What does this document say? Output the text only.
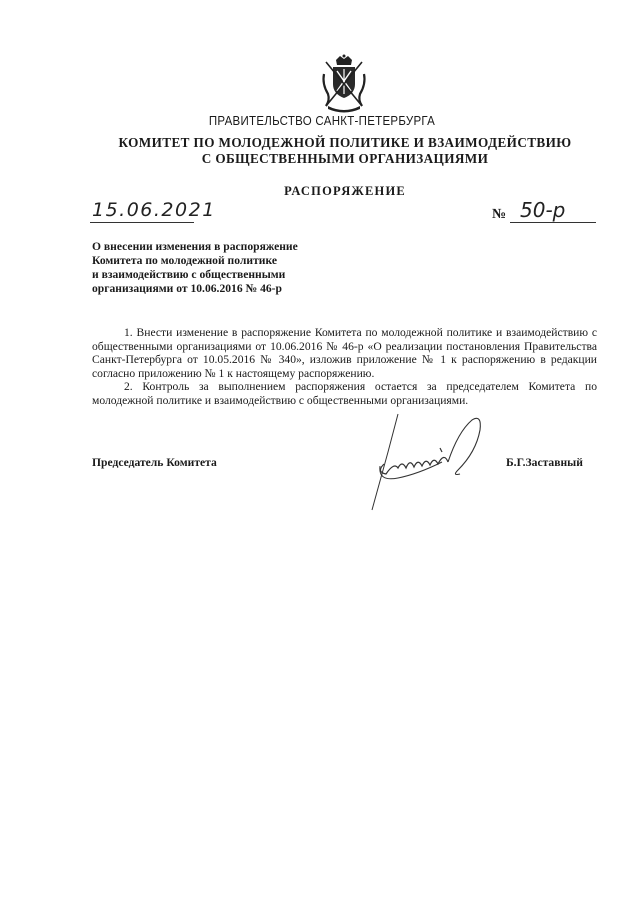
ПРАВИТЕЛЬСТВО САНКТ-ПЕТЕРБУРГА
КОМИТЕТ ПО МОЛОДЕЖНОЙ ПОЛИТИКЕ И ВЗАИМОДЕЙСТВИЮ
С ОБЩЕСТВЕННЫМИ ОРГАНИЗАЦИЯМИ
РАСПОРЯЖЕНИЕ
15.06.2021	№ 50-р
О внесении изменения в распоряжение
Комитета по молодежной политике
и взаимодействию с общественными
организациями от 10.06.2016 № 46-р

1. Внести изменение в распоряжение Комитета по молодежной политике и взаимодействию с общественными организациями от 10.06.2016 № 46-р «О реализации постановления Правительства Санкт-Петербурга от 10.05.2016 № 340», изложив приложение № 1 к распоряжению в редакции согласно приложению № 1 к настоящему распоряжению.

2. Контроль за выполнением распоряжения остается за председателем Комитета по молодежной политике и взаимодействию с общественными организациями.

Председатель Комитета	Б.Г.Заставный
